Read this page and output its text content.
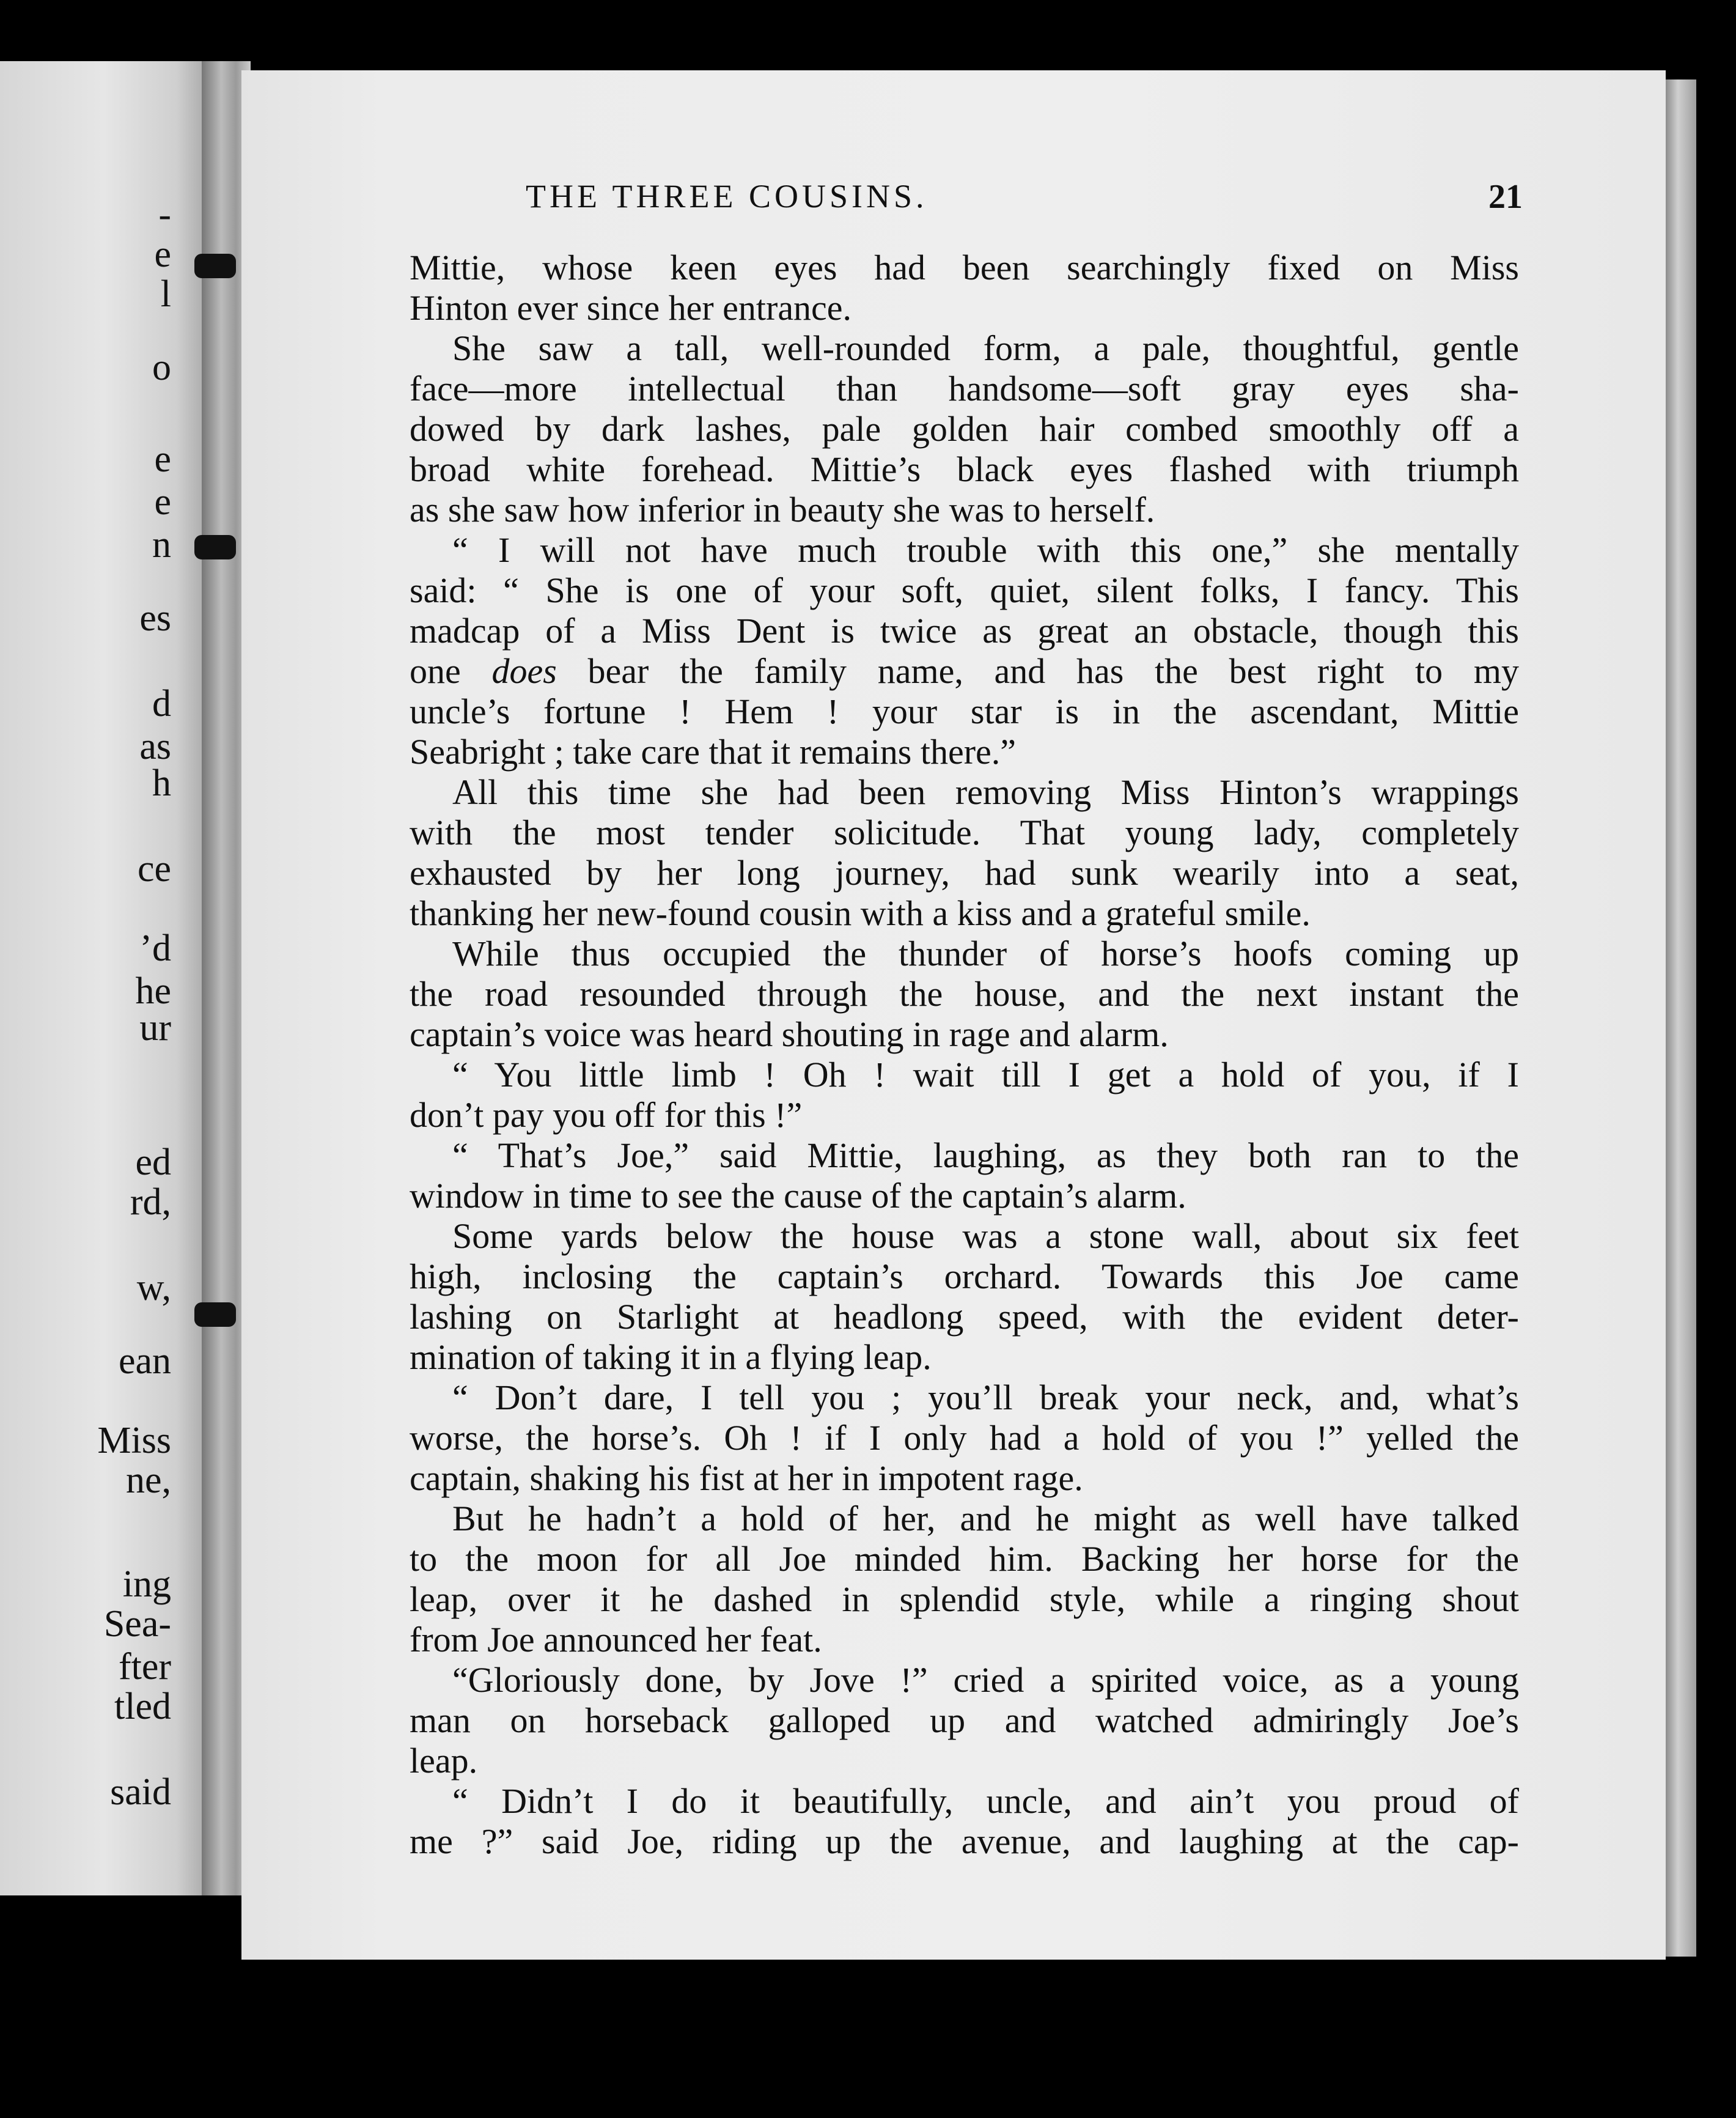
-
e
l
o
e
e
n
es
d
as
h
ce
’d
he
ur
ed
rd,
w,
ean
Miss
ne,
ing
Sea-
fter
tled
said
THE THREE COUSINS.	21
Mittie, whose keen eyes had been searchingly fixed on Miss
Hinton ever since her entrance.
She saw a tall, well-rounded form, a pale, thoughtful, gentle
face—more intellectual than handsome—soft gray eyes sha-
dowed by dark lashes, pale golden hair combed smoothly off a
broad white forehead. Mittie’s black eyes flashed with triumph
as she saw how inferior in beauty she was to herself.
“ I will not have much trouble with this one,” she mentally
said: “ She is one of your soft, quiet, silent folks, I fancy. This
madcap of a Miss Dent is twice as great an obstacle, though this
one does bear the family name, and has the best right to my
uncle’s fortune ! Hem ! your star is in the ascendant, Mittie
Seabright ; take care that it remains there.”
All this time she had been removing Miss Hinton’s wrappings
with the most tender solicitude. That young lady, completely
exhausted by her long journey, had sunk wearily into a seat,
thanking her new-found cousin with a kiss and a grateful smile.
While thus occupied the thunder of horse’s hoofs coming up
the road resounded through the house, and the next instant the
captain’s voice was heard shouting in rage and alarm.
“ You little limb ! Oh ! wait till I get a hold of you, if I
don’t pay you off for this !”
“ That’s Joe,” said Mittie, laughing, as they both ran to the
window in time to see the cause of the captain’s alarm.
Some yards below the house was a stone wall, about six feet
high, inclosing the captain’s orchard. Towards this Joe came
lashing on Starlight at headlong speed, with the evident deter-
mination of taking it in a flying leap.
“ Don’t dare, I tell you ; you’ll break your neck, and, what’s
worse, the horse’s. Oh ! if I only had a hold of you !” yelled the
captain, shaking his fist at her in impotent rage.
But he hadn’t a hold of her, and he might as well have talked
to the moon for all Joe minded him. Backing her horse for the
leap, over it he dashed in splendid style, while a ringing shout
from Joe announced her feat.
“Gloriously done, by Jove !” cried a spirited voice, as a young
man on horseback galloped up and watched admiringly Joe’s
leap.
“ Didn’t I do it beautifully, uncle, and ain’t you proud of
me ?” said Joe, riding up the avenue, and laughing at the cap-
